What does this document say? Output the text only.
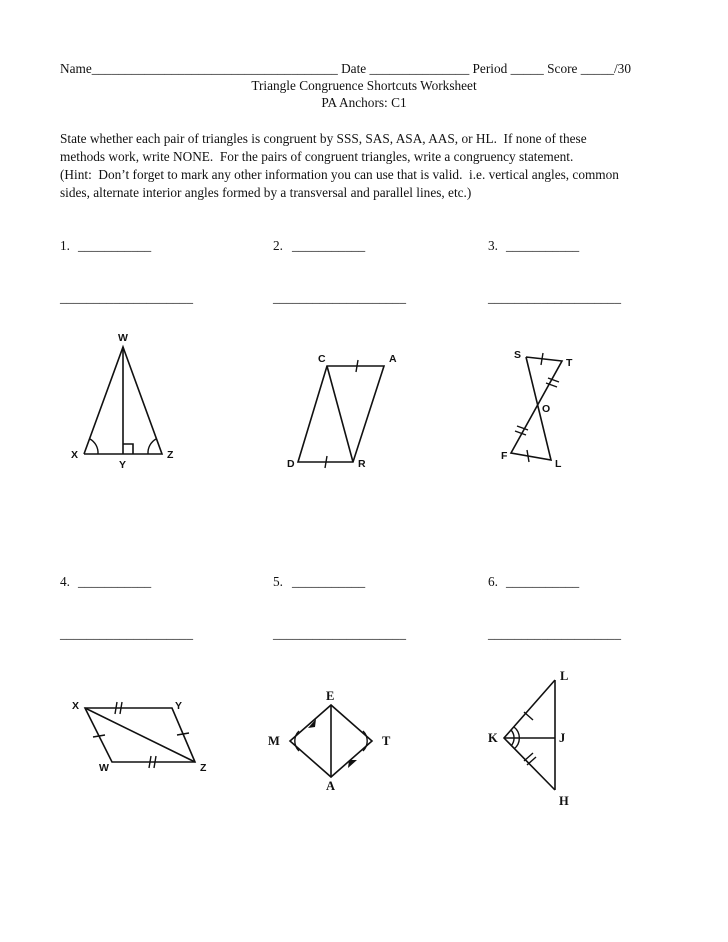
Name_____________________________________ Date _______________ Period _____ Score _____/30
Triangle Congruence Shortcuts Worksheet
PA Anchors: C1
State whether each pair of triangles is congruent by SSS, SAS, ASA, AAS, or HL.  If none of these
methods work, write NONE.  For the pairs of congruent triangles, write a congruency statement.
(Hint:  Don’t forget to mark any other information you can use that is valid.  i.e. vertical angles, common
sides, alternate interior angles formed by a transversal and parallel lines, etc.)
1. ___________
____________________
2. ___________
____________________
3. ___________
____________________
4. ___________
____________________
5. ___________
____________________
6. ___________
____________________
W
X
Y
Z
C	A
D	R
S
T
O
F
L
X	Y
W	Z
E
M	T
A
L
K	J
H
